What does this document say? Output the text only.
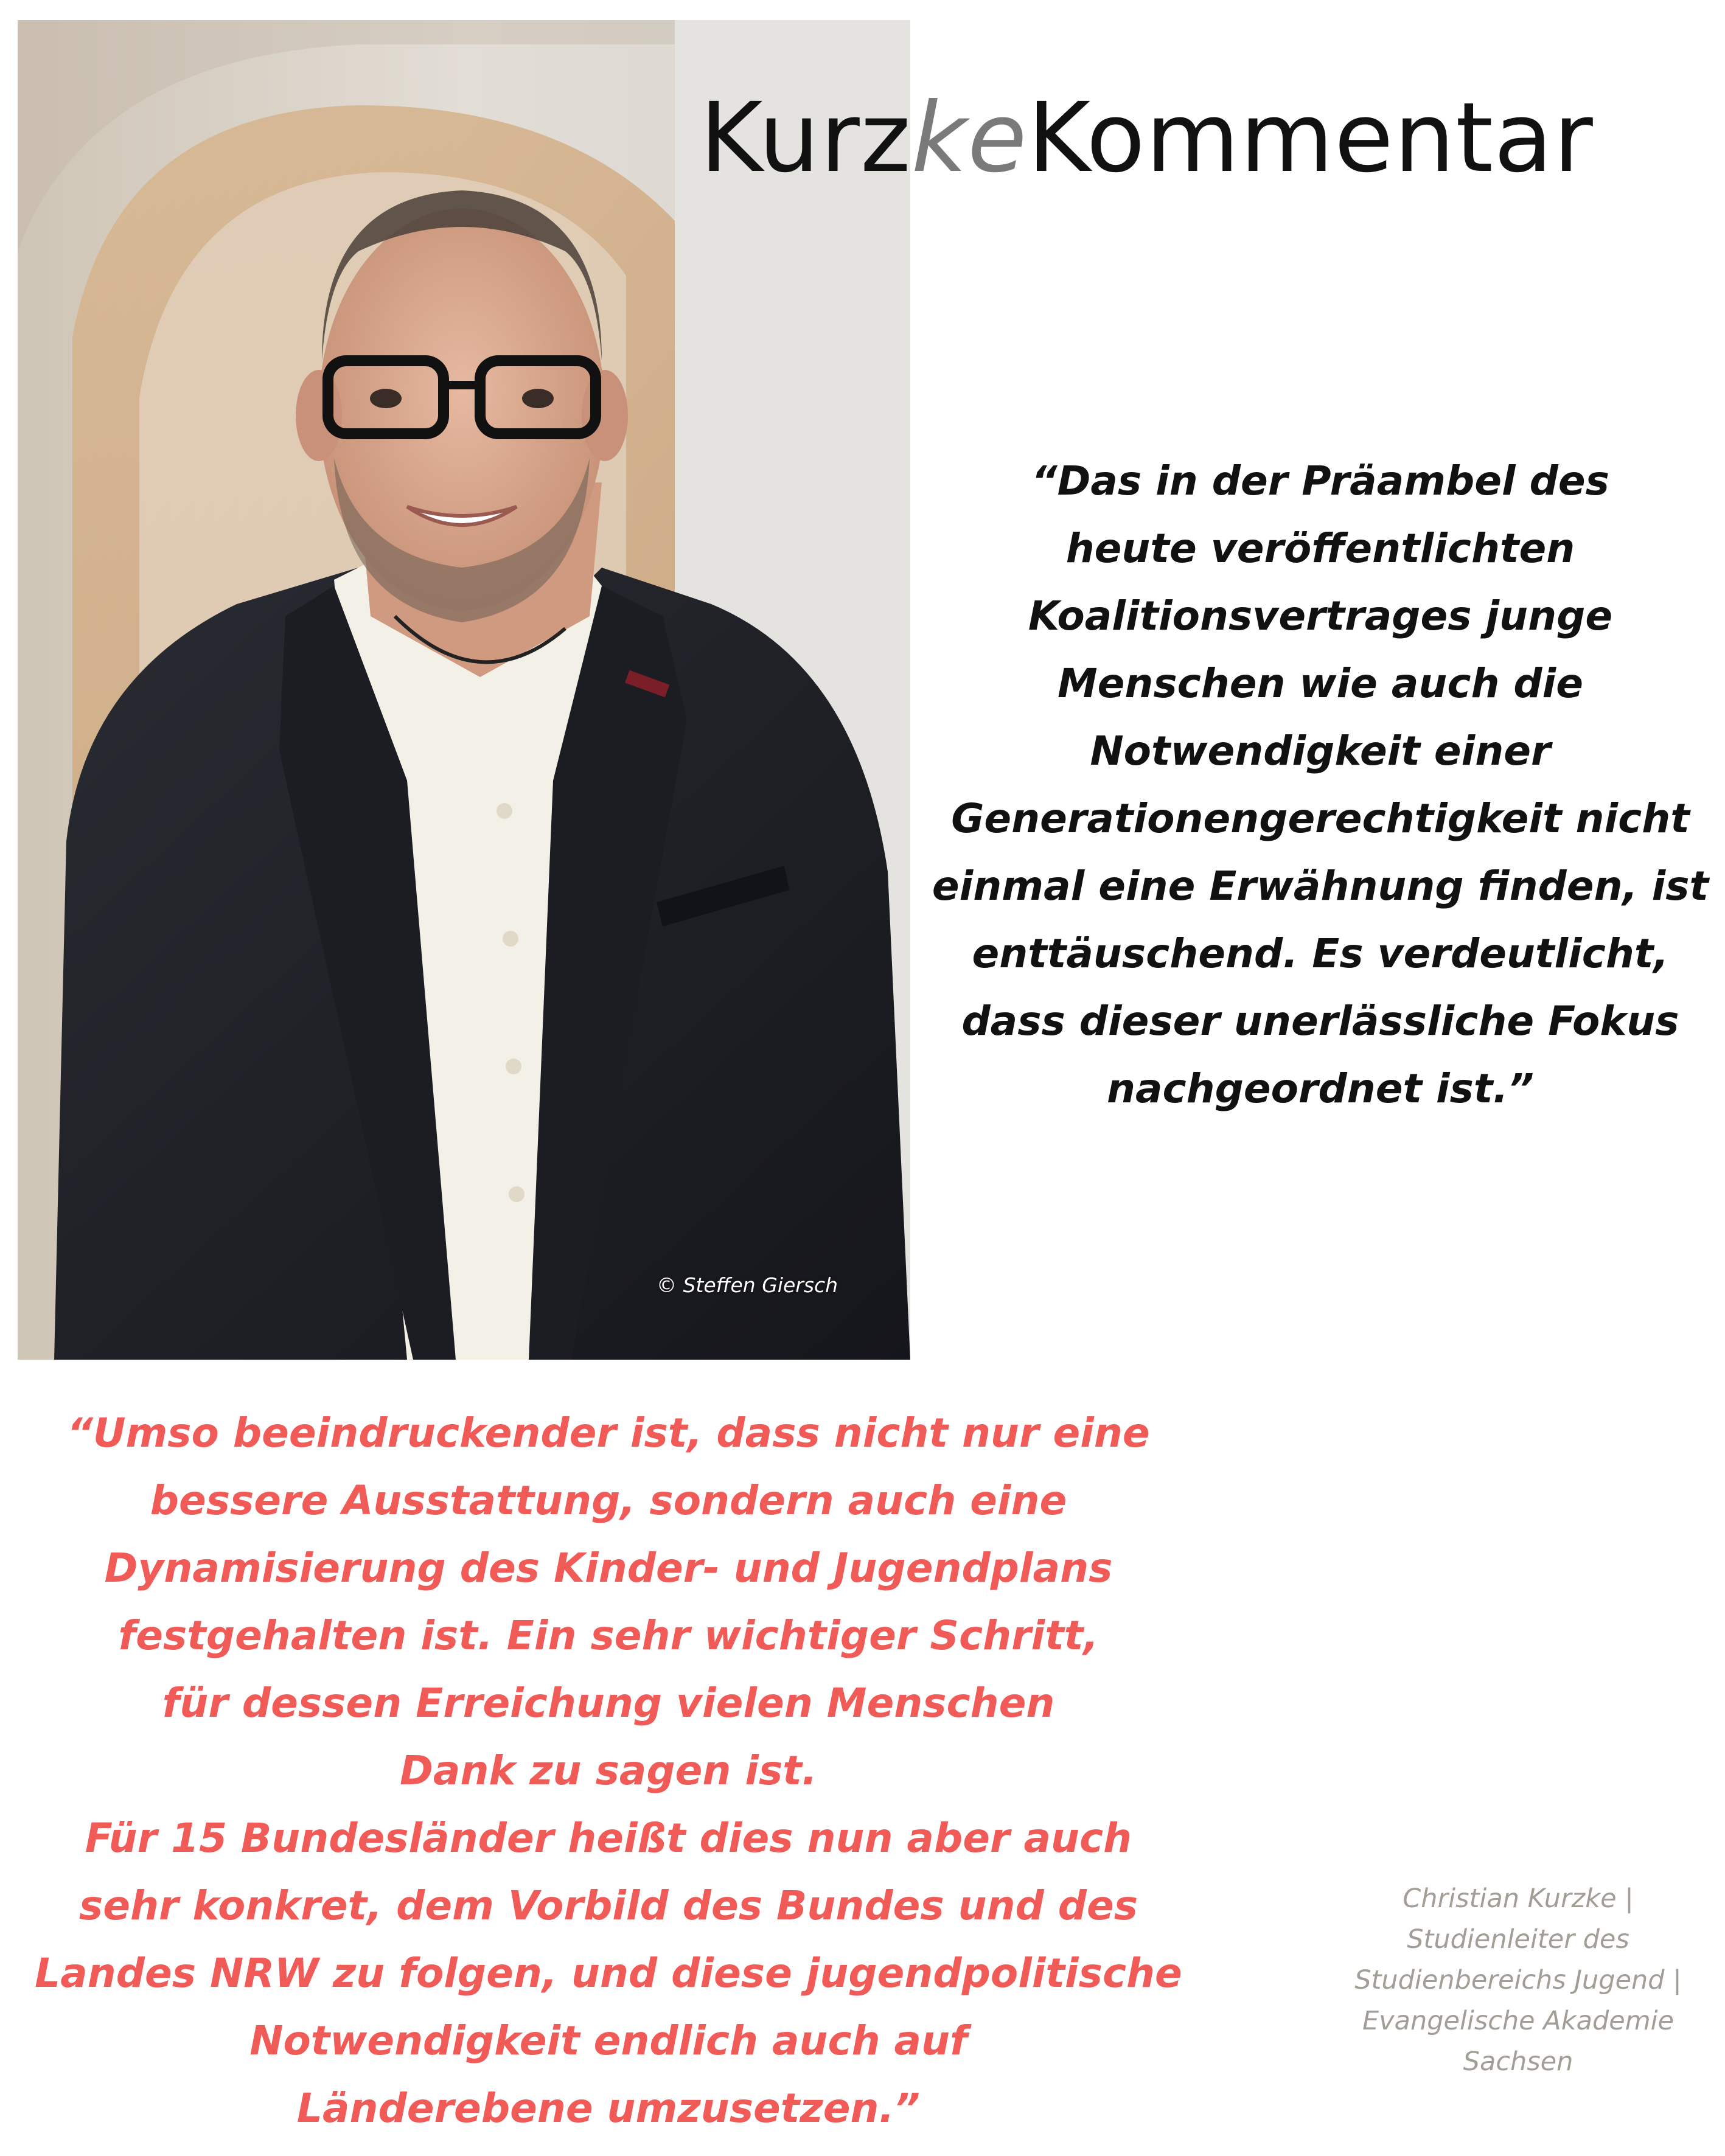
© Steffen Giersch
KurzkeKommentar
“Das in der Präambel des
heute veröffentlichten
Koalitionsvertrages junge
Menschen wie auch die
Notwendigkeit einer
Generationengerechtigkeit nicht
einmal eine Erwähnung finden, ist
enttäuschend. Es verdeutlicht,
dass dieser unerlässliche Fokus
nachgeordnet ist.”
“Umso beeindruckender ist, dass nicht nur eine
bessere Ausstattung, sondern auch eine
Dynamisierung des Kinder- und Jugendplans
festgehalten ist. Ein sehr wichtiger Schritt,
für dessen Erreichung vielen Menschen
Dank zu sagen ist.
Für 15 Bundesländer heißt dies nun aber auch
sehr konkret, dem Vorbild des Bundes und des
Landes NRW zu folgen, und diese jugendpolitische
Notwendigkeit endlich auch auf
Länderebene umzusetzen.”
Christian Kurzke |
Studienleiter des
Studienbereichs Jugend |
Evangelische Akademie
Sachsen
